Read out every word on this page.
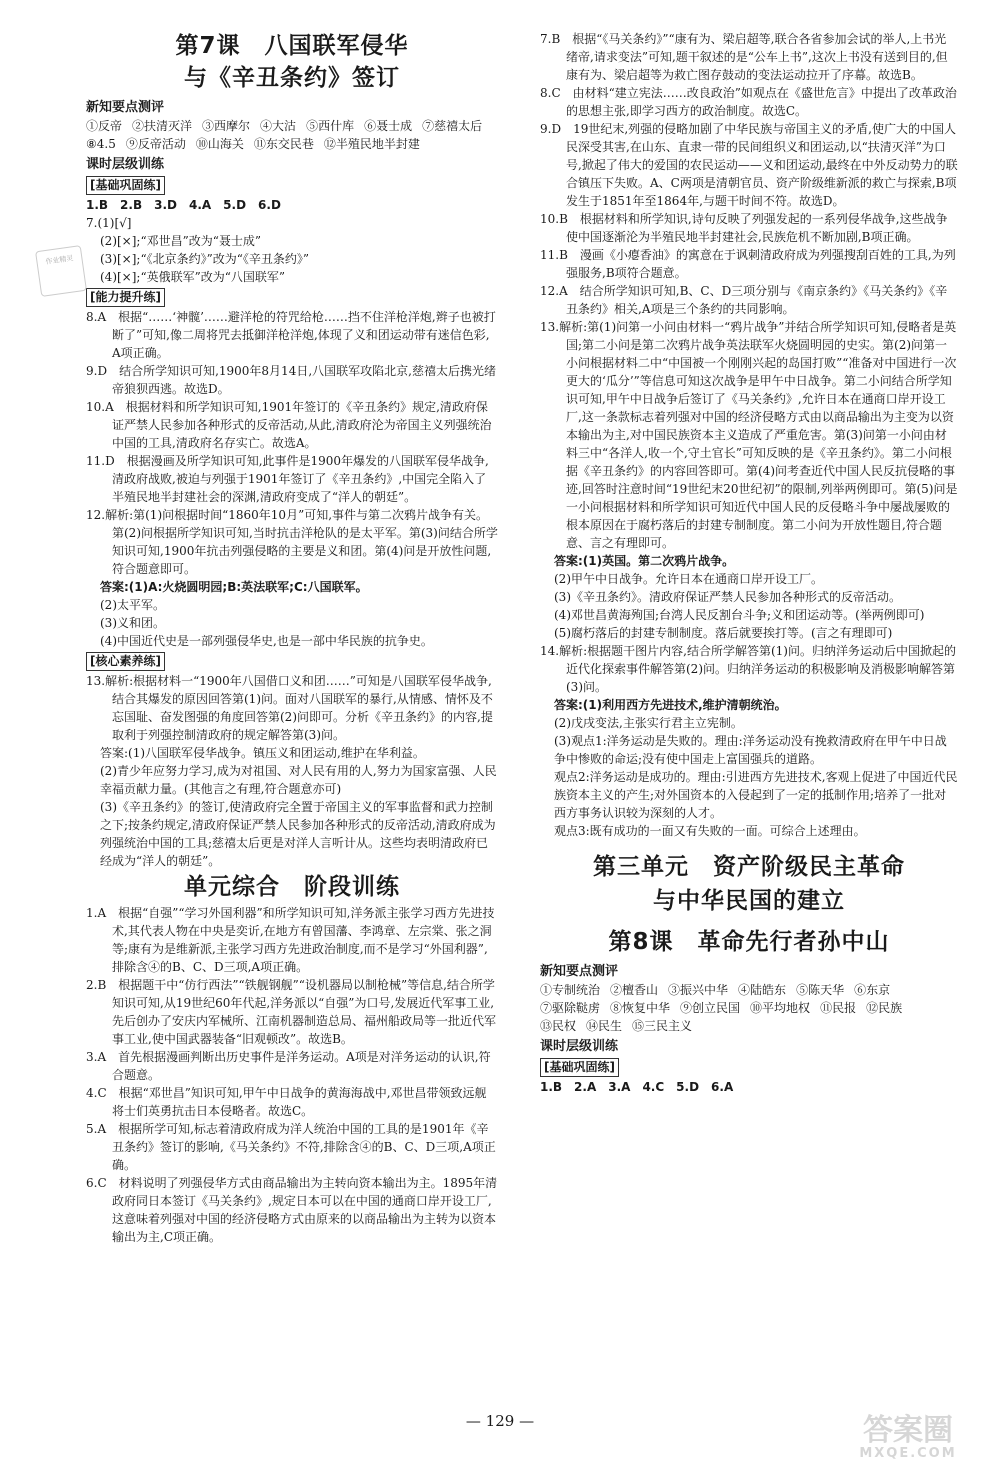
第7课　八国联军侵华
与《辛丑条约》签订
新知要点测评
①反帝 ②扶清灭洋 ③西摩尔 ④大沽 ⑤西什库 ⑥聂士成 ⑦慈禧太后
⑧4.5 ⑨反帝活动 ⑩山海关 ⑪东交民巷 ⑫半殖民地半封建
课时层级训练
[基础巩固练]
1.B　2.B　3.D　4.A　5.D　6.D
7.(1)[√]
(2)[×];“邓世昌”改为“聂士成”
(3)[×];“《北京条约》”改为“《辛丑条约》”
(4)[×];“英俄联军”改为“八国联军”
[能力提升练]
8.A　根据“……‘神髋’……避洋枪的符咒给枪……挡不住洋枪洋炮,辫子也被打断了”可知,像二周将咒去抵御洋枪洋炮,体现了义和团运动带有迷信色彩,A项正确。
9.D　结合所学知识可知,1900年8月14日,八国联军攻陷北京,慈禧太后携光绪帝狼狈西逃。故选D。
10.A　根据材料和所学知识可知,1901年签订的《辛丑条约》规定,清政府保证严禁人民参加各种形式的反帝活动,从此,清政府沦为帝国主义列强统治中国的工具,清政府名存实亡。故选A。
11.D　根据漫画及所学知识可知,此事件是1900年爆发的八国联军侵华战争,清政府战败,被迫与列强于1901年签订了《辛丑条约》,中国完全陷入了半殖民地半封建社会的深渊,清政府变成了“洋人的朝廷”。
12.解析:第(1)问根据时间“1860年10月”可知,事件与第二次鸦片战争有关。第(2)问根据所学知识可知,当时抗击洋枪队的是太平军。第(3)问结合所学知识可知,1900年抗击列强侵略的主要是义和团。第(4)问是开放性问题,符合题意即可。
答案:(1)A:火烧圆明园;B:英法联军;C:八国联军。
(2)太平军。
(3)义和团。
(4)中国近代史是一部列强侵华史,也是一部中华民族的抗争史。
[核心素养练]
13.解析:根据材料一“1900年八国借口义和团……”可知是八国联军侵华战争,结合其爆发的原因回答第(1)问。面对八国联军的暴行,从情感、情怀及不忘国耻、奋发图强的角度回答第(2)问即可。分析《辛丑条约》的内容,提取利于列强控制清政府的规定解答第(3)问。
答案:(1)八国联军侵华战争。镇压义和团运动,维护在华利益。
(2)青少年应努力学习,成为对祖国、对人民有用的人,努力为国家富强、人民幸福贡献力量。(其他言之有理,符合题意亦可)
(3)《辛丑条约》的签订,使清政府完全置于帝国主义的军事监督和武力控制之下;按条约规定,清政府保证严禁人民参加各种形式的反帝活动,清政府成为列强统治中国的工具;慈禧太后更是对洋人言听计从。这些均表明清政府已经成为“洋人的朝廷”。
单元综合　阶段训练
1.A　根据“自强”“学习外国利器”和所学知识可知,洋务派主张学习西方先进技术,其代表人物在中央是奕䜣,在地方有曾国藩、李鸿章、左宗棠、张之洞等;康有为是维新派,主张学习西方先进政治制度,而不是学习“外国利器”,排除含④的B、C、D三项,A项正确。
2.B　根据题干中“仿行西法”“铁舰钢舰”“设机器局以制枪械”等信息,结合所学知识可知,从19世纪60年代起,洋务派以“自强”为口号,发展近代军事工业,先后创办了安庆内军械所、江南机器制造总局、福州船政局等一批近代军事工业,使中国武器装备“旧观顿改”。故选B。
3.A　首先根据漫画判断出历史事件是洋务运动。A项是对洋务运动的认识,符合题意。
4.C　根据“邓世昌”知识可知,甲午中日战争的黄海海战中,邓世昌带领致远舰将士们英勇抗击日本侵略者。故选C。
5.A　根据所学可知,标志着清政府成为洋人统治中国的工具的是1901年《辛丑条约》签订的影响,《马关条约》不符,排除含④的B、C、D三项,A项正确。
6.C　材料说明了列强侵华方式由商品输出为主转向资本输出为主。1895年清政府同日本签订《马关条约》,规定日本可以在中国的通商口岸开设工厂,这意味着列强对中国的经济侵略方式由原来的以商品输出为主转为以资本输出为主,C项正确。
7.B　根据“《马关条约》”“康有为、梁启超等,联合各省参加会试的举人,上书光绪帝,请求变法”可知,题干叙述的是“公车上书”,这次上书没有送到目的,但康有为、梁启超等为救亡图存鼓动的变法运动拉开了序幕。故选B。
8.C　由材料“建立宪法……改良政治”如观点在《盛世危言》中提出了改革政治的思想主张,即学习西方的政治制度。故选C。
9.D　19世纪末,列强的侵略加剧了中华民族与帝国主义的矛盾,使广大的中国人民深受其害,在山东、直隶一带的民间组织义和团运动,以“扶清灭洋”为口号,掀起了伟大的爱国的农民运动——义和团运动,最终在中外反动势力的联合镇压下失败。A、C两项是清朝官员、资产阶级维新派的救亡与探索,B项发生于1851年至1864年,与题干时间不符。故选D。
10.B　根据材料和所学知识,诗句反映了列强发起的一系列侵华战争,这些战争使中国逐渐沦为半殖民地半封建社会,民族危机不断加剧,B项正确。
11.B　漫画《小瘪香油》的寓意在于讽刺清政府成为列强搜刮百姓的工具,为列强服务,B项符合题意。
12.A　结合所学知识可知,B、C、D三项分别与《南京条约》《马关条约》《辛丑条约》相关,A项是三个条约的共同影响。
13.解析:第(1)问第一小问由材料一“鸦片战争”并结合所学知识可知,侵略者是英国;第二小问是第二次鸦片战争英法联军火烧圆明园的史实。第(2)问第一小问根据材料二中“中国被一个刚刚兴起的岛国打败”“准备对中国进行一次更大的‘瓜分’”等信息可知这次战争是甲午中日战争。第二小问结合所学知识可知,甲午中日战争后签订了《马关条约》,允许日本在通商口岸开设工厂,这一条款标志着列强对中国的经济侵略方式由以商品输出为主变为以资本输出为主,对中国民族资本主义造成了严重危害。第(3)问第一小问由材料三中“各洋人,收一个,守土官长”可知反映的是《辛丑条约》。第二小问根据《辛丑条约》的内容回答即可。第(4)问考查近代中国人民反抗侵略的事迹,回答时注意时间“19世纪末20世纪初”的限制,列举两例即可。第(5)问是一小问根据材料和所学知识可知近代中国人民的反侵略斗争中屡战屡败的根本原因在于腐朽落后的封建专制制度。第二小问为开放性题目,符合题意、言之有理即可。
答案:(1)英国。第二次鸦片战争。
(2)甲午中日战争。允许日本在通商口岸开设工厂。
(3)《辛丑条约》。清政府保证严禁人民参加各种形式的反帝活动。
(4)邓世昌黄海殉国;台湾人民反割台斗争;义和团运动等。(举两例即可)
(5)腐朽落后的封建专制制度。落后就要挨打等。(言之有理即可)
14.解析:根据题干图片内容,结合所学解答第(1)问。归纳洋务运动后中国掀起的近代化探索事件解答第(2)问。归纳洋务运动的积极影响及消极影响解答第(3)问。
答案:(1)利用西方先进技术,维护清朝统治。
(2)戊戌变法,主张实行君主立宪制。
(3)观点1:洋务运动是失败的。理由:洋务运动没有挽救清政府在甲午中日战争中惨败的命运;没有使中国走上富国强兵的道路。
观点2:洋务运动是成功的。理由:引进西方先进技术,客观上促进了中国近代民族资本主义的产生;对外国资本的入侵起到了一定的抵制作用;培养了一批对西方事务认识较为深刻的人才。
观点3:既有成功的一面又有失败的一面。可综合上述理由。
第三单元　资产阶级民主革命
与中华民国的建立
第8课　革命先行者孙中山
新知要点测评
①专制统治 ②檀香山 ③振兴中华 ④陆皓东 ⑤陈天华 ⑥东京
⑦驱除鞑虏 ⑧恢复中华 ⑨创立民国 ⑩平均地权 ⑪民报 ⑫民族
⑬民权 ⑭民生 ⑮三民主义
课时层级训练
[基础巩固练]
1.B　2.A　3.A　4.C　5.D　6.A
作业精灵
— 129 —	答案圈
MXQE.COM
